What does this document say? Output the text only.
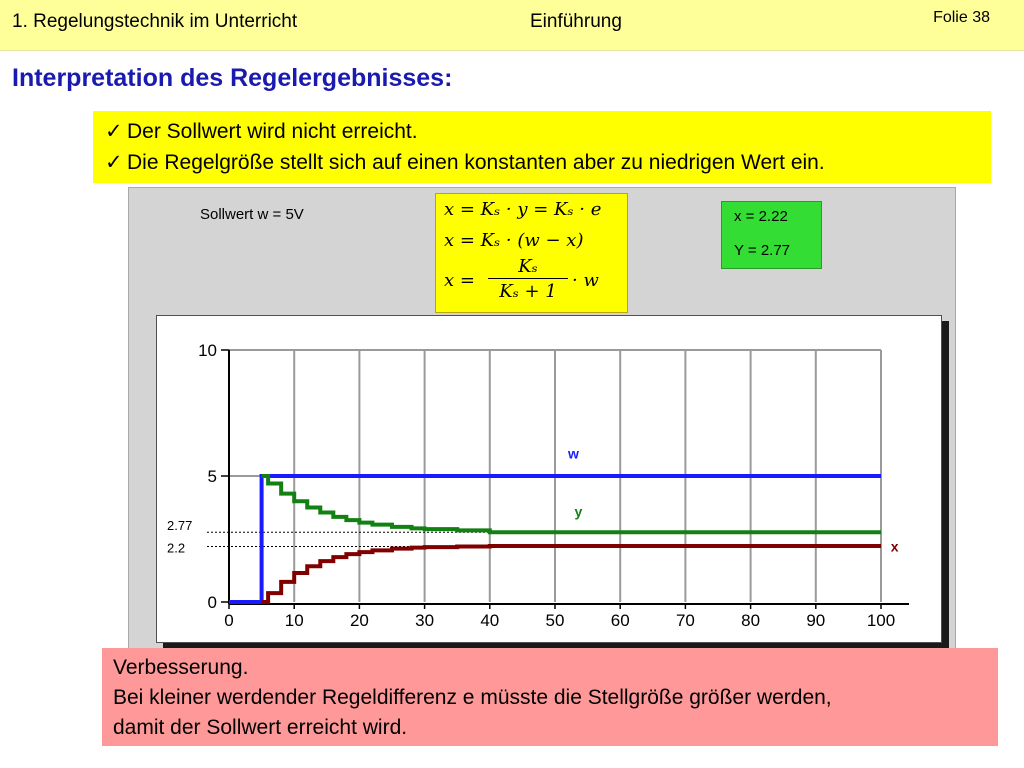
1. Regelungstechnik im Unterricht	Einführung	Folie 38
Interpretation des Regelergebnisses:
✓ Der Sollwert wird nicht erreicht.
✓ Die Regelgröße stellt sich auf einen konstanten aber zu niedrigen Wert ein.
Sollwert w = 5V	x = Kₛ · y = Kₛ · e
x = Kₛ · (w − x)
$x = \frac{\text{Kₛ}}{\text{Kₛ + 1}} \cdot w$
x = 2.22
Y = 2.77
0	10	20	30	40	50	60	70	80	90 100
0
5
10
2.77
2.2
w
y
x
Verbesserung.
Bei kleiner werdender Regeldifferenz e müsste die Stellgröße größer werden,
damit der Sollwert erreicht wird.
